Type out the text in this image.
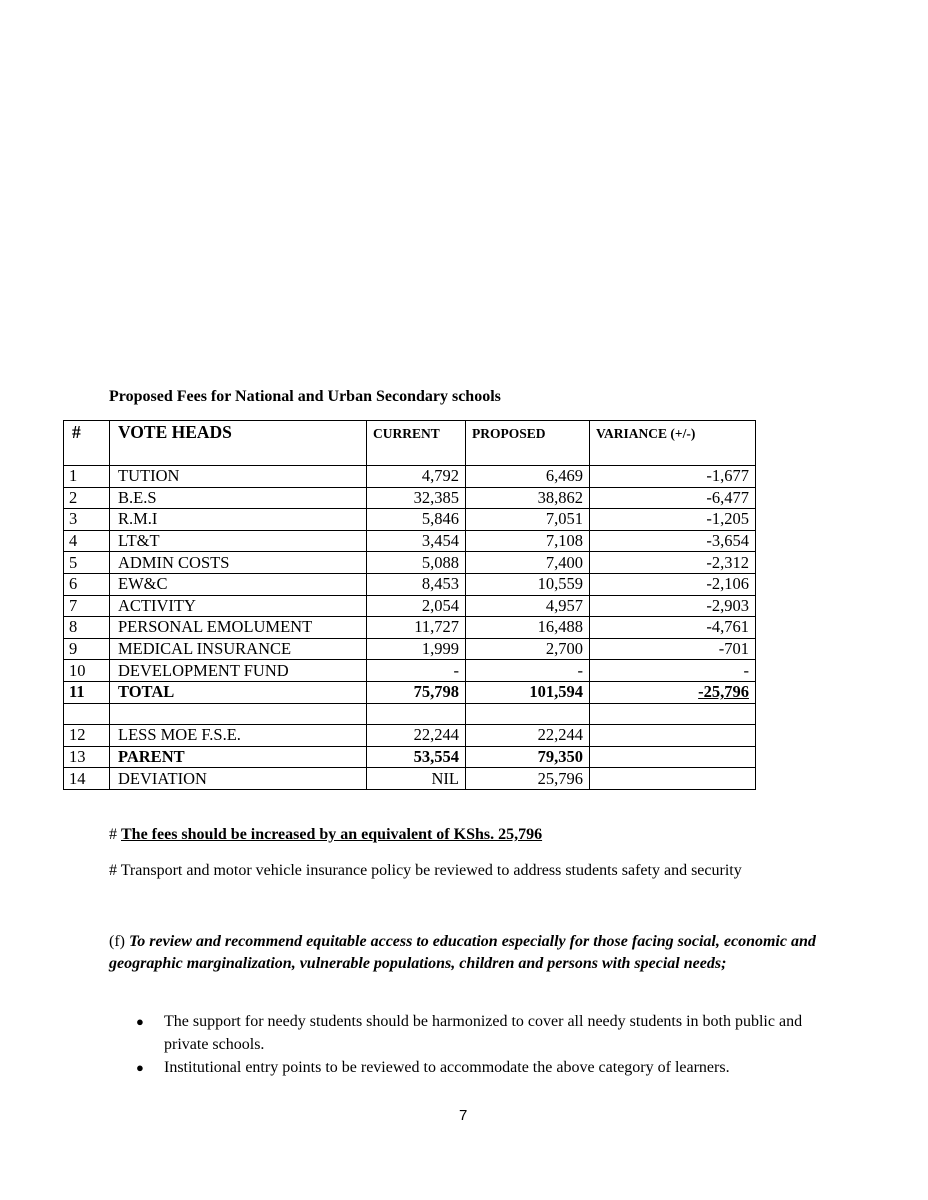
Proposed Fees for National and Urban Secondary schools
#	VOTE HEADS	CURRENT	PROPOSED	VARIANCE (+/-)
1	TUTION	4,792	6,469	-1,677
2	B.E.S	32,385	38,862	-6,477
3	R.M.I	5,846	7,051	-1,205
4	LT&T	3,454	7,108	-3,654
5	ADMIN COSTS	5,088	7,400	-2,312
6	EW&C	8,453	10,559	-2,106
7	ACTIVITY	2,054	4,957	-2,903
8	PERSONAL EMOLUMENT	11,727	16,488	-4,761
9	MEDICAL INSURANCE	1,999	2,700	-701
10	DEVELOPMENT FUND	-	-	-
11	TOTAL	75,798	101,594	-25,796

12	LESS MOE F.S.E.	22,244	22,244	
13	PARENT	53,554	79,350	
14	DEVIATION	NIL	25,796	
# The fees should be increased by an equivalent of KShs. 25,796
# Transport and motor vehicle insurance policy be reviewed to address students safety and security
(f) To review and recommend equitable access to education especially for those facing social, economic and geographic marginalization, vulnerable populations, children and persons with special needs;
● The support for needy students should be harmonized to cover all needy students in both public and private schools.
● Institutional entry points to be reviewed to accommodate the above category of learners.
7
